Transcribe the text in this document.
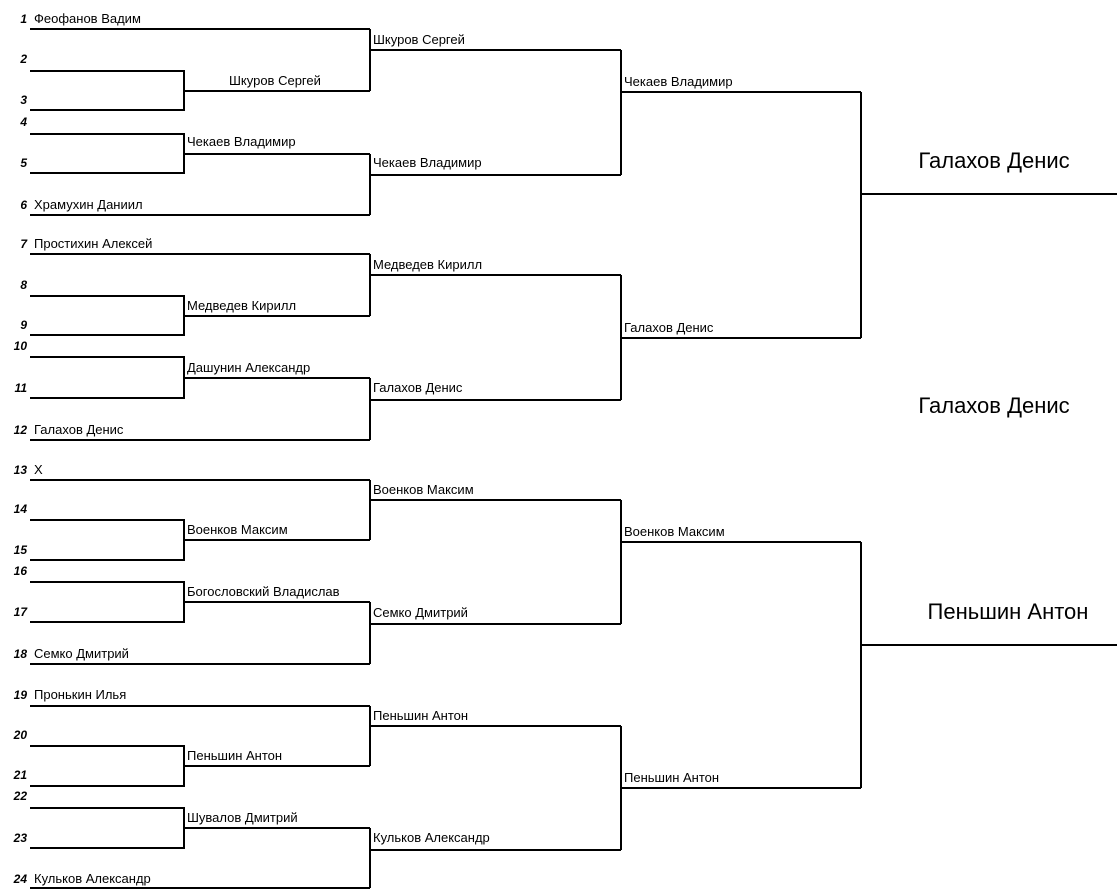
1
2
3
4
5
6
7
8
9
10
11
12
13
14
15
16
17
18
19
20
21
22
23
24
Феофанов Вадим
Храмухин Даниил
Простихин Алексей
Галахов Денис
X
Семко Дмитрий
Пронькин Илья
Кульков Александр
Шкуров Сергей
Чекаев Владимир
Медведев Кирилл
Дашунин Александр
Военков Максим
Богословский Владислав
Пеньшин Антон
Шувалов Дмитрий
Шкуров Сергей
Чекаев Владимир
Медведев Кирилл
Галахов Денис
Военков Максим
Семко Дмитрий
Пеньшин Антон
Кульков Александр
Чекаев Владимир
Галахов Денис
Военков Максим
Пеньшин Антон
Галахов Денис
Галахов Денис
Пеньшин Антон
